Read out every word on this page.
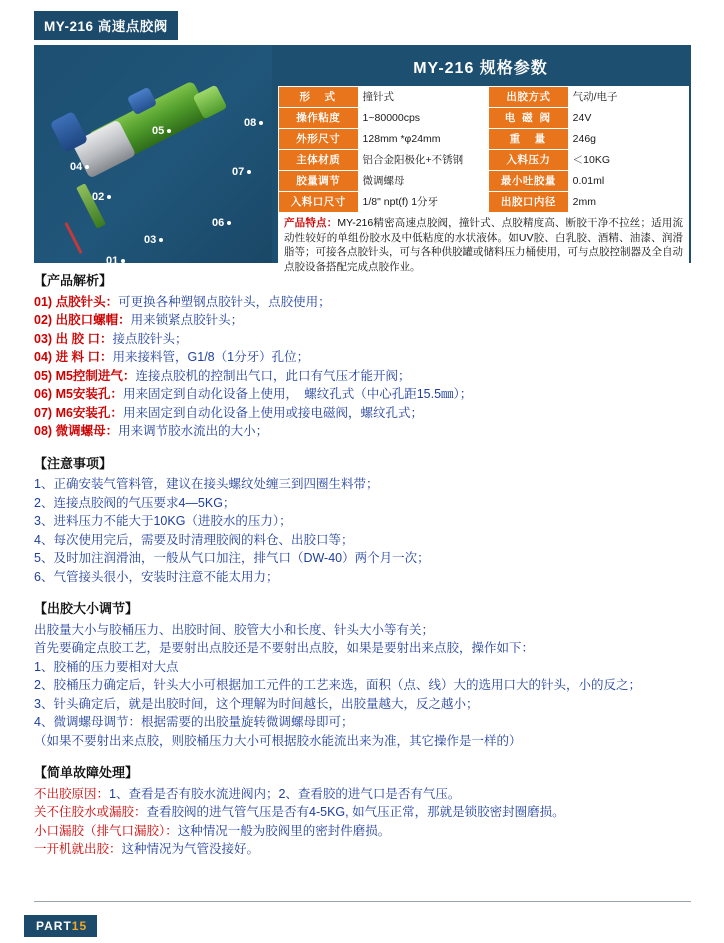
MY-216 高速点胶阀
05
08
04	07
02
06
03
01
MY-216 规格参数
形　式	撞针式	出胶方式	气动/电子
操作粘度	1~80000cps	电 磁 阀	24V
外形尺寸	128mm *φ24mm	重　量	246g
主体材质	铝合金阳极化+不锈钢	入料压力	＜10KG
胶量调节	微调螺母	最小吐胶量	0.01ml
入料口尺寸	1/8" npt(f) 1分牙	出胶口内径	2mm
产品特点：MY-216精密高速点胶阀，撞针式、点胶精度高、断胶干净不拉丝；适用流动性较好的单组份胶水及中低粘度的水状液体。如UV胶、白乳胶、酒精、油漆、润滑脂等；可接各点胶针头，可与各种供胶罐或储料压力桶使用，可与点胶控制器及全自动点胶设备搭配完成点胶作业。
【产品解析】

01) 点胶针头：可更换各种塑钢点胶针头，点胶使用；

02) 出胶口螺帽：用来锁紧点胶针头；

03) 出 胶 口：接点胶针头；

04) 进 料 口：用来接料管，G1/8（1分牙）孔位；

05) M5控制进气：连接点胶机的控制出气口，此口有气压才能开阀；

06) M5安装孔：用来固定到自动化设备上使用，　螺纹孔式（中心孔距15.5㎜）；

07) M6安装孔：用来固定到自动化设备上使用或接电磁阀，螺纹孔式；

08) 微调螺母：用来调节胶水流出的大小；

【注意事项】

1、正确安装气管料管，建议在接头螺纹处缠三到四圈生料带；

2、连接点胶阀的气压要求4—5KG；

3、进料压力不能大于10KG（进胶水的压力）；

4、每次使用完后，需要及时清理胶阀的料仓、出胶口等；

5、及时加注润滑油，一般从气口加注，排气口（DW-40）两个月一次；

6、气管接头很小，安装时注意不能太用力；

【出胶大小调节】

出胶量大小与胶桶压力、出胶时间、胶管大小和长度、针头大小等有关；

首先要确定点胶工艺，是要射出点胶还是不要射出点胶，如果是要射出来点胶，操作如下：

1、胶桶的压力要相对大点

2、胶桶压力确定后，针头大小可根据加工元件的工艺来选，面积（点、线）大的选用口大的针头，小的反之；

3、针头确定后，就是出胶时间，这个理解为时间越长，出胶量越大，反之越小；

4、微调螺母调节：根据需要的出胶量旋转微调螺母即可；

（如果不要射出来点胶，则胶桶压力大小可根据胶水能流出来为准，其它操作是一样的）

【简单故障处理】

不出胶原因：1、查看是否有胶水流进阀内；2、查看胶的进气口是否有气压。

关不住胶水或漏胶：查看胶阀的进气管气压是否有4-5KG, 如气压正常，那就是锁胶密封圈磨损。

小口漏胶（排气口漏胶）：这种情况一般为胶阀里的密封件磨损。

一开机就出胶：这种情况为气管没接好。

PART15
